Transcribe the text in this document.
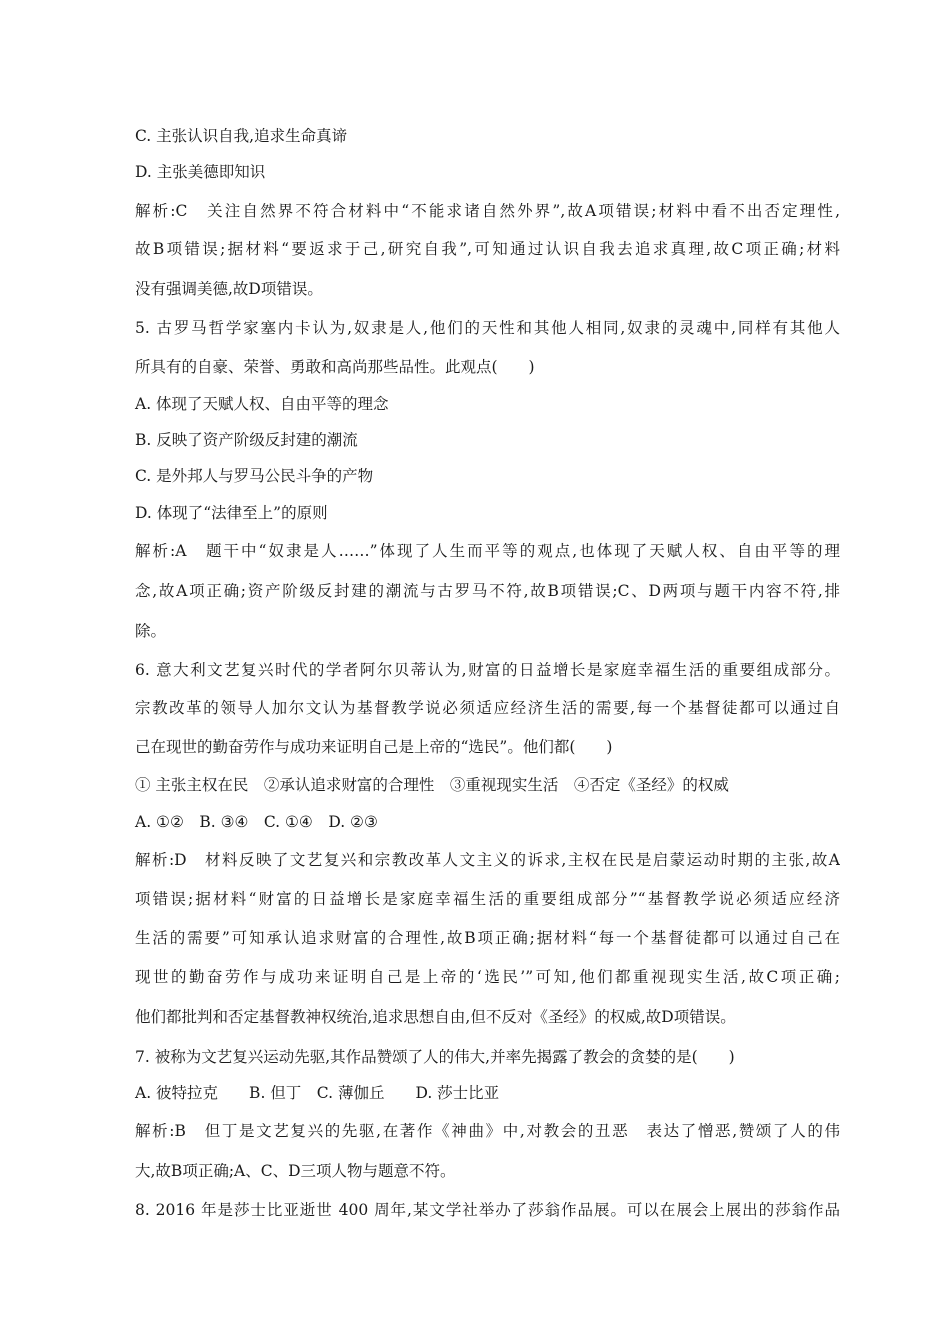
C. 主张认识自我,追求生命真谛
D. 主张美德即知识
解析:C　关注自然界不符合材料中“不能求诸自然外界”,故A项错误;材料中看不出否定理性,
故B项错误;据材料“要返求于己,研究自我”,可知通过认识自我去追求真理,故C项正确;材料
没有强调美德,故D项错误。
5. 古罗马哲学家塞内卡认为,奴隶是人,他们的天性和其他人相同,奴隶的灵魂中,同样有其他人
所具有的自豪、荣誉、勇敢和高尚那些品性。此观点(　　)
A. 体现了天赋人权、自由平等的理念
B. 反映了资产阶级反封建的潮流
C. 是外邦人与罗马公民斗争的产物
D. 体现了“法律至上”的原则
解析:A　题干中“奴隶是人……”体现了人生而平等的观点,也体现了天赋人权、自由平等的理
念,故A项正确;资产阶级反封建的潮流与古罗马不符,故B项错误;C、D两项与题干内容不符,排
除。
6. 意大利文艺复兴时代的学者阿尔贝蒂认为,财富的日益增长是家庭幸福生活的重要组成部分。
宗教改革的领导人加尔文认为基督教学说必须适应经济生活的需要,每一个基督徒都可以通过自
己在现世的勤奋劳作与成功来证明自己是上帝的“选民”。他们都(　　)
① 主张主权在民　②承认追求财富的合理性　③重视现实生活　④否定《圣经》的权威
A. ①②　B. ③④　C. ①④　D. ②③
解析:D　材料反映了文艺复兴和宗教改革人文主义的诉求,主权在民是启蒙运动时期的主张,故A
项错误;据材料“财富的日益增长是家庭幸福生活的重要组成部分”“基督教学说必须适应经济
生活的需要”可知承认追求财富的合理性,故B项正确;据材料“每一个基督徒都可以通过自己在
现世的勤奋劳作与成功来证明自己是上帝的‘选民’”可知,他们都重视现实生活,故C项正确;
他们都批判和否定基督教神权统治,追求思想自由,但不反对《圣经》的权威,故D项错误。
7. 被称为文艺复兴运动先驱,其作品赞颂了人的伟大,并率先揭露了教会的贪婪的是(　　)
A. 彼特拉克　　B. 但丁　C. 薄伽丘　　D. 莎士比亚
解析:B　但丁是文艺复兴的先驱,在著作《神曲》中,对教会的丑恶　表达了憎恶,赞颂了人的伟
大,故B项正确;A、C、D三项人物与题意不符。
8. 2016 年是莎士比亚逝世 400 周年,某文学社举办了莎翁作品展。可以在展会上展出的莎翁作品
